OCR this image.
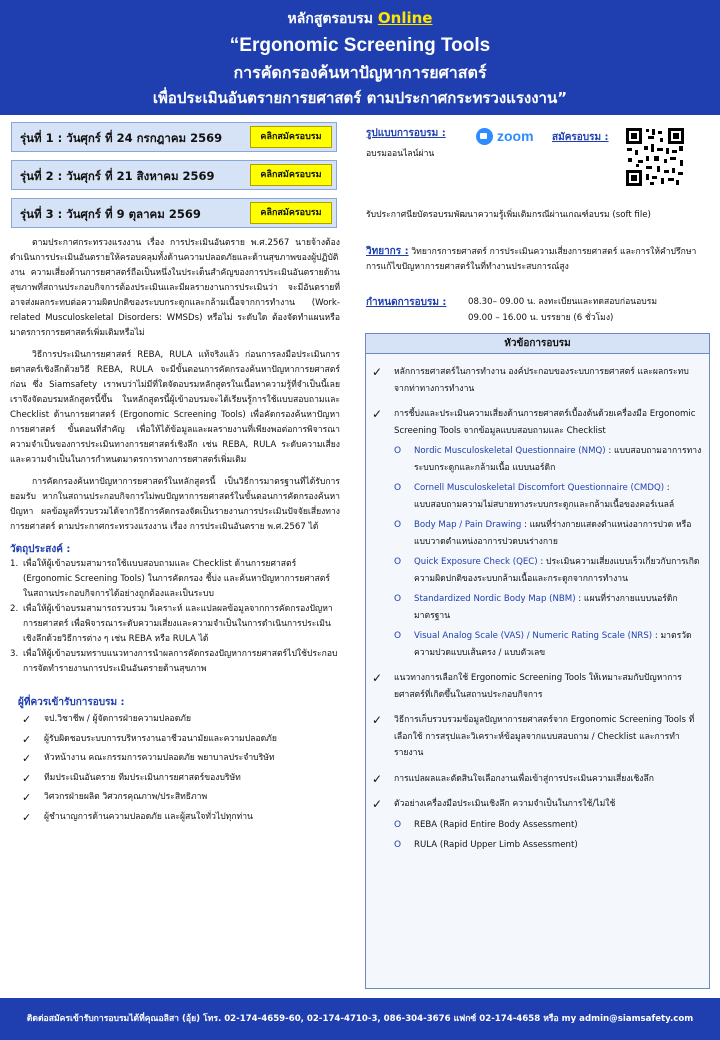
หลักสูตรอบรม Online
“Ergonomic Screening Tools
การคัดกรองค้นหาปัญหาการยศาสตร์
เพื่อประเมินอันตรายการยศาสตร์ ตามประกาศกระทรวงแรงงาน”
รุ่นที่ 1 : วันศุกร์ ที่ 24 กรกฎาคม 2569	คลิกสมัครอบรม
รุ่นที่ 2 : วันศุกร์ ที่ 21 สิงหาคม 2569	คลิกสมัครอบรม
รุ่นที่ 3 : วันศุกร์ ที่ 9 ตุลาคม 2569	คลิกสมัครอบรม

ตามประกาศกระทรวงแรงงาน เรื่อง การประเมินอันตราย พ.ศ.2567 นายจ้างต้องดำเนินการประเมินอันตรายให้ครอบคลุมทั้งด้านความปลอดภัยและด้านสุขภาพของผู้ปฏิบัติงาน ความเสี่ยงด้านการยศาสตร์ถือเป็นหนึ่งในประเด็นสำคัญของการประเมินอันตรายด้านสุขภาพที่สถานประกอบกิจการต้องประเมินและมีผลรายงานการประเมินว่า จะมีอันตรายที่อาจส่งผลกระทบต่อความผิดปกติของระบบกระดูกและกล้ามเนื้อจากการทำงาน (Work-related Musculoskeletal Disorders: WMSDs) หรือไม่ ระดับใด ต้องจัดทำแผนหรือมาตรการการยศาสตร์เพิ่มเติมหรือไม่

วิธีการประเมินการยศาสตร์ REBA, RULA แท้จริงแล้ว ก่อนการลงมือประเมินการยศาสตร์เชิงลึกด้วยวิธี REBA, RULA จะมีขั้นตอนการคัดกรองค้นหาปัญหาการยศาสตร์ก่อน ซึ่ง Siamsafety เราพบว่าไม่มีที่ใดจัดอบรมหลักสูตรในเนื้อหาความรู้ที่จำเป็นนี้เลย เราจึงจัดอบรมหลักสูตรนี้ขึ้น ในหลักสูตรนี้ผู้เข้าอบรมจะได้เรียนรู้การใช้แบบสอบถามและ Checklist ด้านการยศาสตร์ (Ergonomic Screening Tools) เพื่อคัดกรองค้นหาปัญหาการยศาสตร์ ขั้นตอนที่สำคัญ เพื่อให้ได้ข้อมูลและผลรายงานที่เพียงพอต่อการพิจารณาความจำเป็นของการประเมินทางการยศาสตร์เชิงลึก เช่น REBA, RULA ระดับความเสี่ยงและความจำเป็นในการกำหนดมาตรการทางการยศาสตร์เพิ่มเติม

การคัดกรองค้นหาปัญหาการยศาสตร์ในหลักสูตรนี้ เป็นวิธีการมาตรฐานที่ได้รับการยอมรับ หากในสถานประกอบกิจการไม่พบปัญหาการยศาสตร์ในขั้นตอนการคัดกรองค้นหาปัญหา ผลข้อมูลที่รวบรวมได้จากวิธีการคัดกรองจัดเป็นรายงานการประเมินปัจจัยเสี่ยงทางการยศาสตร์ ตามประกาศกระทรวงแรงงาน เรื่อง การประเมินอันตราย พ.ศ.2567 ได้

วัตถุประสงค์ :
1. เพื่อให้ผู้เข้าอบรมสามารถใช้แบบสอบถามและ Checklist ด้านการยศาสตร์ (Ergonomic Screening Tools) ในการคัดกรอง ชี้บ่ง และค้นหาปัญหาการยศาสตร์ในสถานประกอบกิจการได้อย่างถูกต้องและเป็นระบบ
2. เพื่อให้ผู้เข้าอบรมสามารถรวบรวม วิเคราะห์ และแปลผลข้อมูลจากการคัดกรองปัญหาการยศาสตร์ เพื่อพิจารณาระดับความเสี่ยงและความจำเป็นในการดำเนินการประเมินเชิงลึกด้วยวิธีการต่าง ๆ เช่น REBA หรือ RULA ได้
3. เพื่อให้ผู้เข้าอบรมทราบแนวทางการนำผลการคัดกรองปัญหาการยศาสตร์ไปใช้ประกอบการจัดทำรายงานการประเมินอันตรายด้านสุขภาพ
ผู้ที่ควรเข้ารับการอบรม :
✓ จป.วิชาชีพ / ผู้จัดการฝ่ายความปลอดภัย
✓ ผู้รับผิดชอบระบบการบริหารงานอาชีวอนามัยและความปลอดภัย
✓ หัวหน้างาน คณะกรรมการความปลอดภัย พยาบาลประจำบริษัท
✓ ทีมประเมินอันตราย ทีมประเมินการยศาสตร์ของบริษัท
✓ วิศวกรฝ่ายผลิต วิศวกรคุณภาพ/ประสิทธิภาพ
✓ ผู้ชำนาญการด้านความปลอดภัย และผู้สนใจทั่วไปทุกท่าน
รูปแบบการอบรม :
อบรมออนไลน์ผ่าน
zoom สมัครอบรม :
รับประกาศนียบัตรอบรมพัฒนาความรู้เพิ่มเติมกรณีผ่านเกณฑ์อบรม (soft file)
วิทยากร : วิทยากรการยศาสตร์ การประเมินความเสี่ยงการยศาสตร์ และการให้คำปรึกษาการแก้ไขปัญหาการยศาสตร์ในที่ทำงานประสบการณ์สูง
กำหนดการอบรม :	08.30– 09.00 น. ลงทะเบียนและทดสอบก่อนอบรม
09.00 – 16.00 น. บรรยาย (6 ชั่วโมง)
หัวข้อการอบรม
✓ หลักการยศาสตร์ในการทำงาน องค์ประกอบของระบบการยศาสตร์ และผลกระทบจากท่าทางการทำงาน
✓ การชี้บ่งและประเมินความเสี่ยงด้านการยศาสตร์เบื้องต้นด้วยเครื่องมือ Ergonomic Screening Tools จากข้อมูลแบบสอบถามและ Checklist
O Nordic Musculoskeletal Questionnaire (NMQ) : แบบสอบถามอาการทางระบบกระดูกและกล้ามเนื้อ แบบนอร์ดิก
O Cornell Musculoskeletal Discomfort Questionnaire (CMDQ) : แบบสอบถามความไม่สบายทางระบบกระดูกและกล้ามเนื้อของคอร์เนลล์
O Body Map / Pain Drawing : แผนที่ร่างกายแสดงตำแหน่งอาการปวด หรือแบบวาดตำแหน่งอาการปวดบนร่างกาย
O Quick Exposure Check (QEC) : ประเมินความเสี่ยงแบบเร็วเกี่ยวกับการเกิดความผิดปกติของระบบกล้ามเนื้อและกระดูกจากการทำงาน
O Standardized Nordic Body Map (NBM) : แผนที่ร่างกายแบบนอร์ดิกมาตรฐาน
O Visual Analog Scale (VAS) / Numeric Rating Scale (NRS) : มาตรวัดความปวดแบบเส้นตรง / แบบตัวเลข
✓ แนวทางการเลือกใช้ Ergonomic Screening Tools ให้เหมาะสมกับปัญหาการยศาสตร์ที่เกิดขึ้นในสถานประกอบกิจการ
✓ วิธีการเก็บรวบรวมข้อมูลปัญหาการยศาสตร์จาก Ergonomic Screening Tools ที่เลือกใช้ การสรุปและวิเคราะห์ข้อมูลจากแบบสอบถาม / Checklist และการทำรายงาน
✓ การแปลผลและตัดสินใจเลือกงานเพื่อเข้าสู่การประเมินความเสี่ยงเชิงลึก
✓ ตัวอย่างเครื่องมือประเมินเชิงลึก ความจำเป็นในการใช้/ไม่ใช้
O REBA (Rapid Entire Body Assessment)
O RULA (Rapid Upper Limb Assessment)
ติดต่อสมัครเข้ารับการอบรมได้ที่คุณอลิสา (อุ้ย) โทร. 02-174-4659-60, 02-174-4710-3, 086-304-3676 แฟกซ์ 02-174-4658 หรือ my admin@siamsafety.com
